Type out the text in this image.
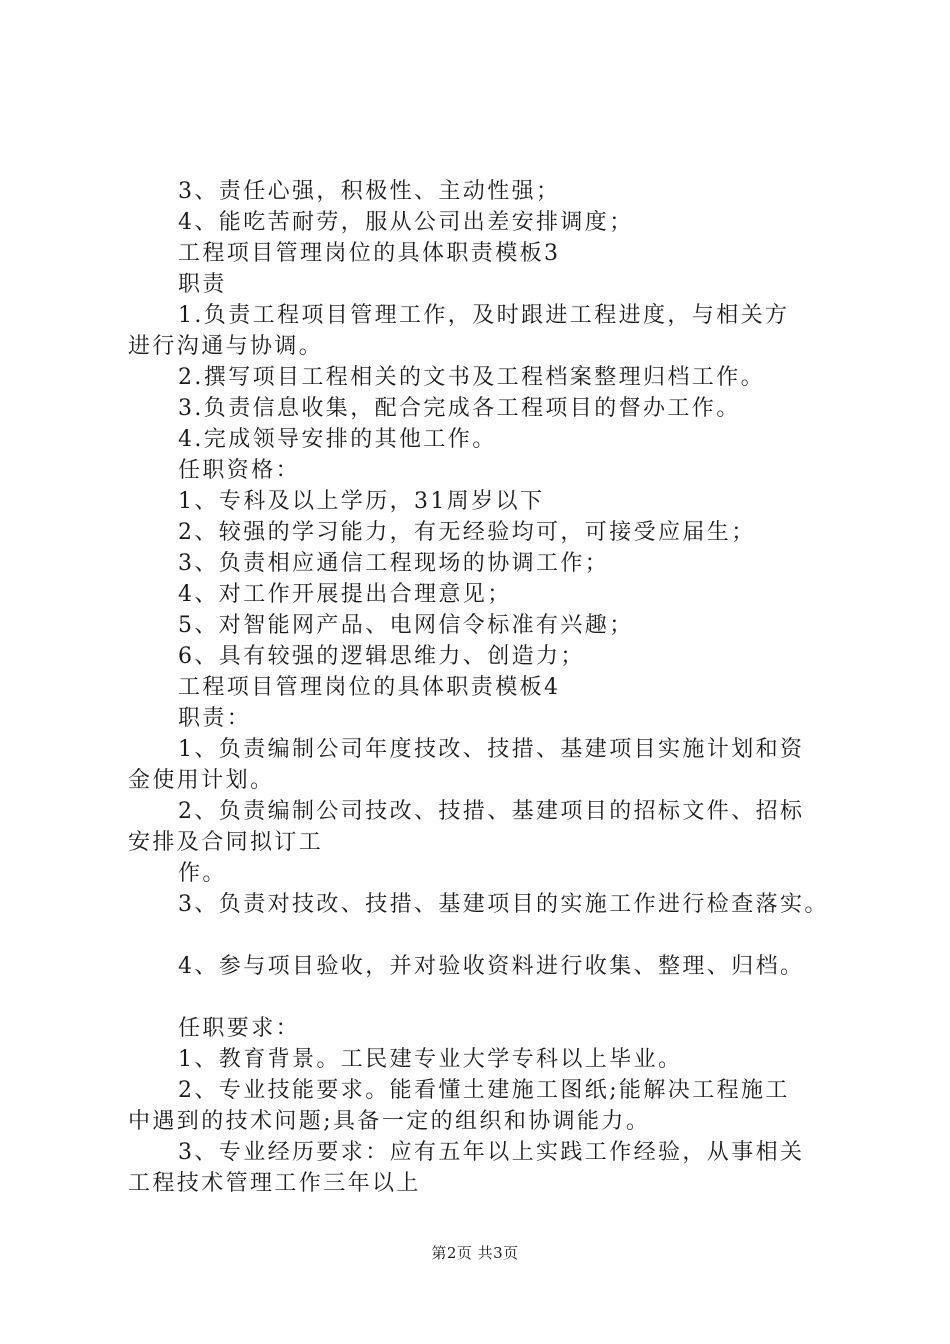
3、责任心强，积极性、主动性强；
4、能吃苦耐劳，服从公司出差安排调度；
工程项目管理岗位的具体职责模板3
职责
1.负责工程项目管理工作，及时跟进工程进度，与相关方
进行沟通与协调。
2.撰写项目工程相关的文书及工程档案整理归档工作。
3.负责信息收集，配合完成各工程项目的督办工作。
4.完成领导安排的其他工作。
任职资格：
1、专科及以上学历，31周岁以下
2、较强的学习能力，有无经验均可，可接受应届生；
3、负责相应通信工程现场的协调工作；
4、对工作开展提出合理意见；
5、对智能网产品、电网信令标准有兴趣；
6、具有较强的逻辑思维力、创造力；
工程项目管理岗位的具体职责模板4
职责：
1、负责编制公司年度技改、技措、基建项目实施计划和资
金使用计划。
2、负责编制公司技改、技措、基建项目的招标文件、招标
安排及合同拟订工
作。
3、负责对技改、技措、基建项目的实施工作进行检查落实。
4、参与项目验收，并对验收资料进行收集、整理、归档。
任职要求：
1、教育背景。工民建专业大学专科以上毕业。
2、专业技能要求。能看懂土建施工图纸;能解决工程施工
中遇到的技术问题;具备一定的组织和协调能力。
3、专业经历要求：应有五年以上实践工作经验，从事相关
工程技术管理工作三年以上
第2页 共3页
